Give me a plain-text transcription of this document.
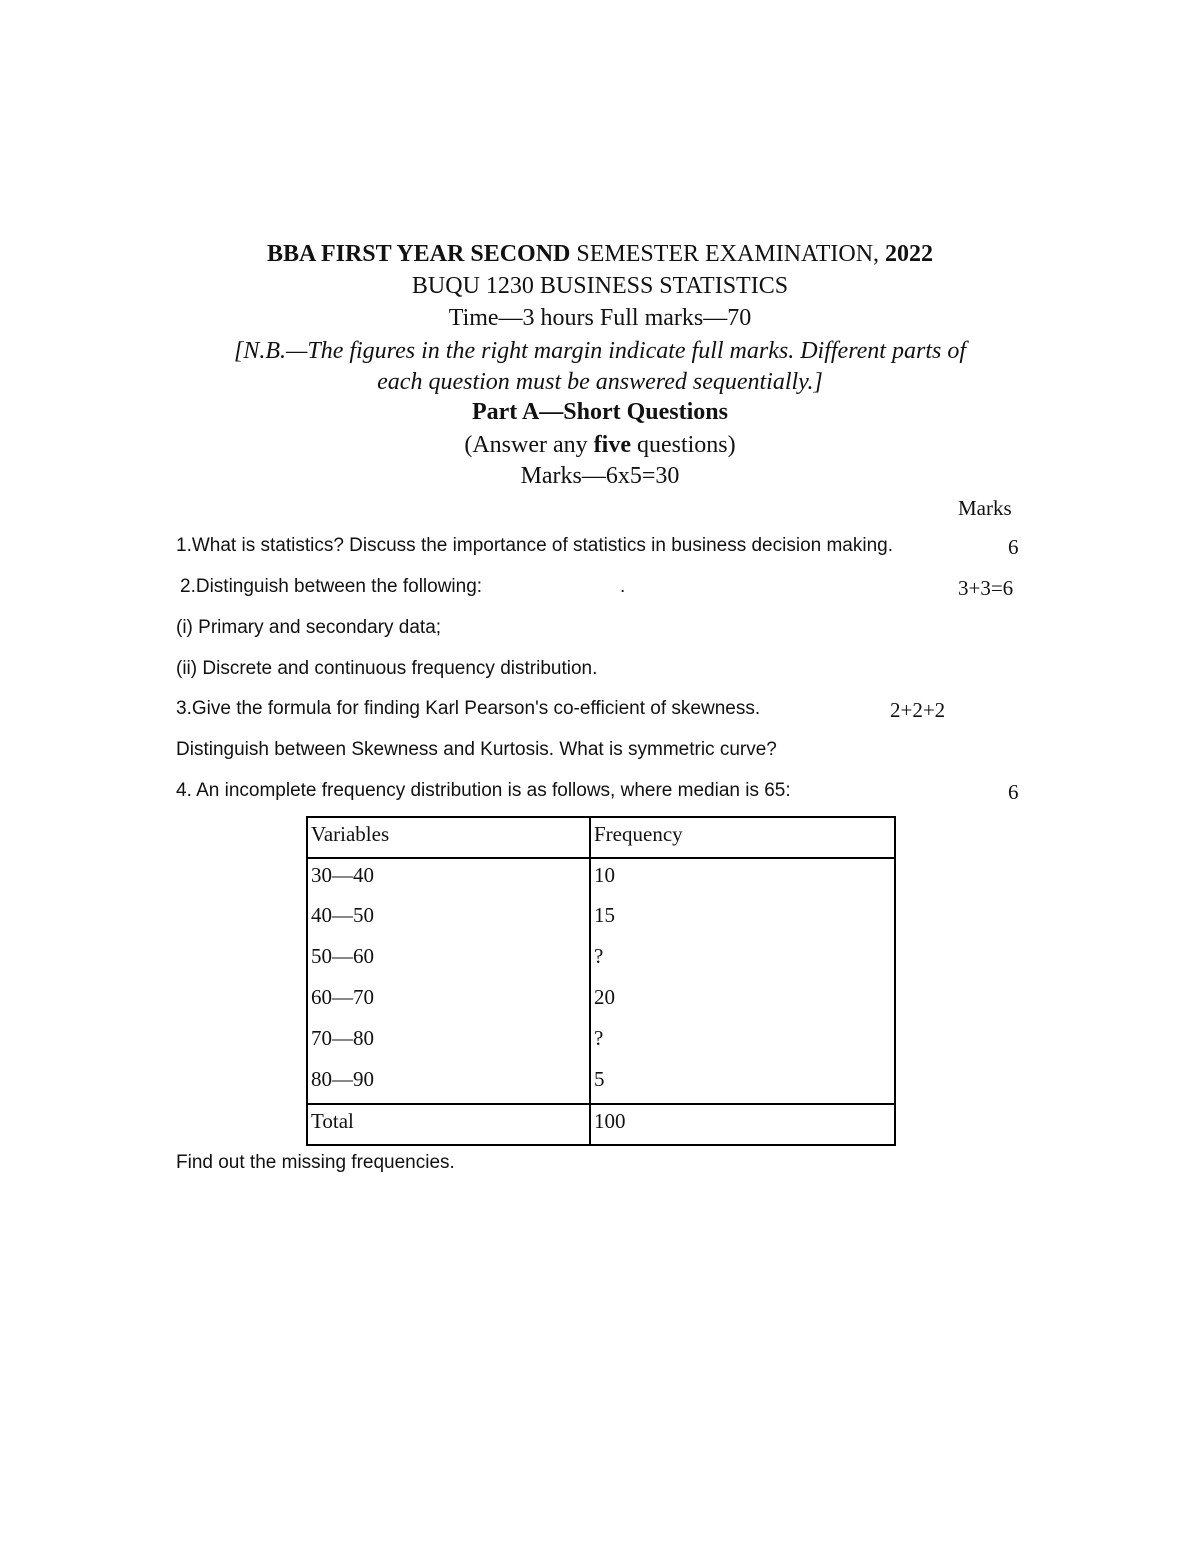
BBA FIRST YEAR SECOND SEMESTER EXAMINATION, 2022
BUQU 1230 BUSINESS STATISTICS
Time—3 hours Full marks—70
[N.B.—The figures in the right margin indicate full marks. Different parts of
each question must be answered sequentially.]
Part A—Short Questions
(Answer any five questions)
Marks—6x5=30
Marks
1.What is statistics? Discuss the importance of statistics in business decision making.	6
2.Distinguish between the following:	.	3+3=6
(i) Primary and secondary data;
(ii) Discrete and continuous frequency distribution.
3.Give the formula for finding Karl Pearson's co-efficient of skewness.	2+2+2
Distinguish between Skewness and Kurtosis. What is symmetric curve?
4. An incomplete frequency distribution is as follows, where median is 65:	6
Variables	Frequency
30—40	10
40—50	15
50—60	?
60—70	20
70—80	?
80—90	5
Total	100
Find out the missing frequencies.
